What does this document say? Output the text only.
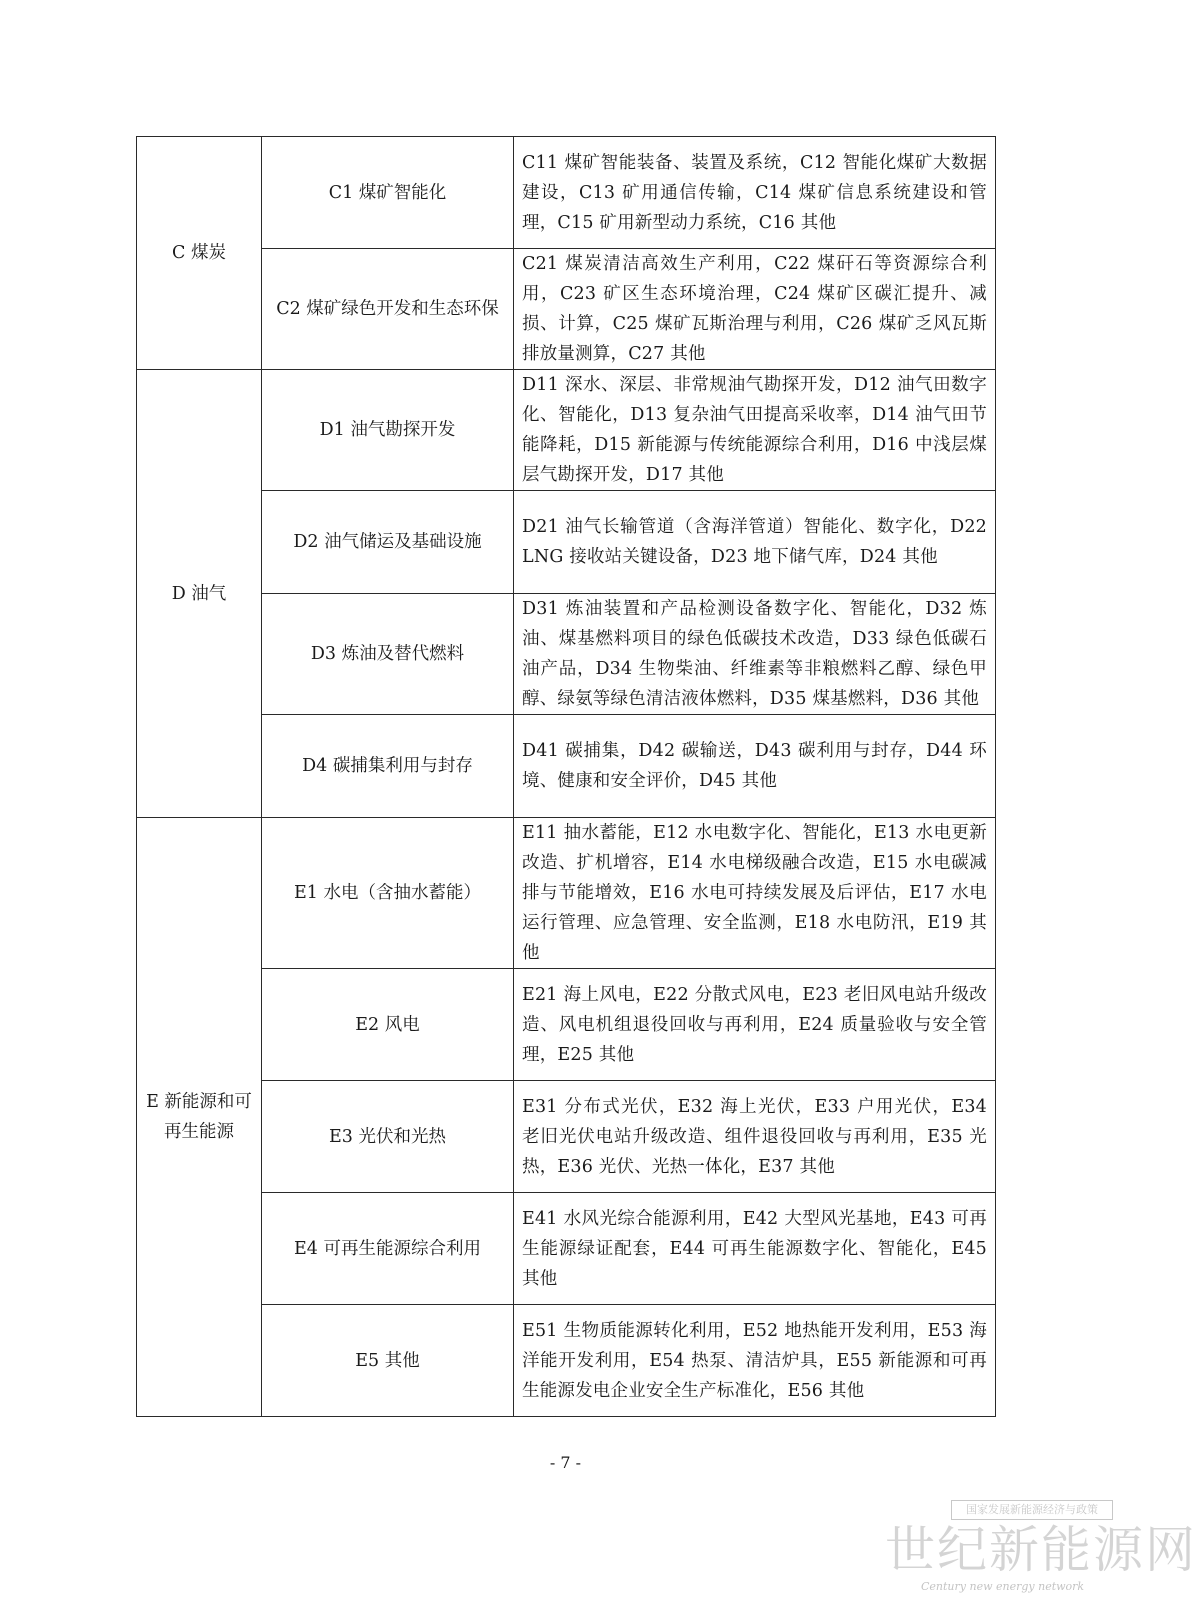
C 煤炭	C1 煤矿智能化	C11 煤矿智能装备、装置及系统，C12 智能化煤矿大数据建设，C13 矿用通信传输，C14 煤矿信息系统建设和管理，C15 矿用新型动力系统，C16 其他
	C2 煤矿绿色开发和生态环保	C21 煤炭清洁高效生产利用，C22 煤矸石等资源综合利用，C23 矿区生态环境治理，C24 煤矿区碳汇提升、减损、计算，C25 煤矿瓦斯治理与利用，C26 煤矿乏风瓦斯排放量测算，C27 其他
D 油气	D1 油气勘探开发	D11 深水、深层、非常规油气勘探开发，D12 油气田数字化、智能化，D13 复杂油气田提高采收率，D14 油气田节能降耗，D15 新能源与传统能源综合利用，D16 中浅层煤层气勘探开发，D17 其他
	D2 油气储运及基础设施	D21 油气长输管道（含海洋管道）智能化、数字化，D22 LNG 接收站关键设备，D23 地下储气库，D24 其他
	D3 炼油及替代燃料	D31 炼油装置和产品检测设备数字化、智能化，D32 炼油、煤基燃料项目的绿色低碳技术改造，D33 绿色低碳石油产品，D34 生物柴油、纤维素等非粮燃料乙醇、绿色甲醇、绿氨等绿色清洁液体燃料，D35 煤基燃料，D36 其他
	D4 碳捕集利用与封存	D41 碳捕集，D42 碳输送，D43 碳利用与封存，D44 环境、健康和安全评价，D45 其他
E 新能源和可再生能源	E1 水电（含抽水蓄能）	E11 抽水蓄能，E12 水电数字化、智能化，E13 水电更新改造、扩机增容，E14 水电梯级融合改造，E15 水电碳减排与节能增效，E16 水电可持续发展及后评估，E17 水电运行管理、应急管理、安全监测，E18 水电防汛，E19 其他
	E2 风电	E21 海上风电，E22 分散式风电，E23 老旧风电站升级改造、风电机组退役回收与再利用，E24 质量验收与安全管理，E25 其他
	E3 光伏和光热	E31 分布式光伏，E32 海上光伏，E33 户用光伏，E34 老旧光伏电站升级改造、组件退役回收与再利用，E35 光热，E36 光伏、光热一体化，E37 其他
	E4 可再生能源综合利用	E41 水风光综合能源利用，E42 大型风光基地，E43 可再生能源绿证配套，E44 可再生能源数字化、智能化，E45 其他
	E5 其他	E51 生物质能源转化利用，E52 地热能开发利用，E53 海洋能开发利用，E54 热泵、清洁炉具，E55 新能源和可再生能源发电企业安全生产标准化，E56 其他
- 7 -
国家发展新能源经济与政策
世纪新能源网
Century new energy network
